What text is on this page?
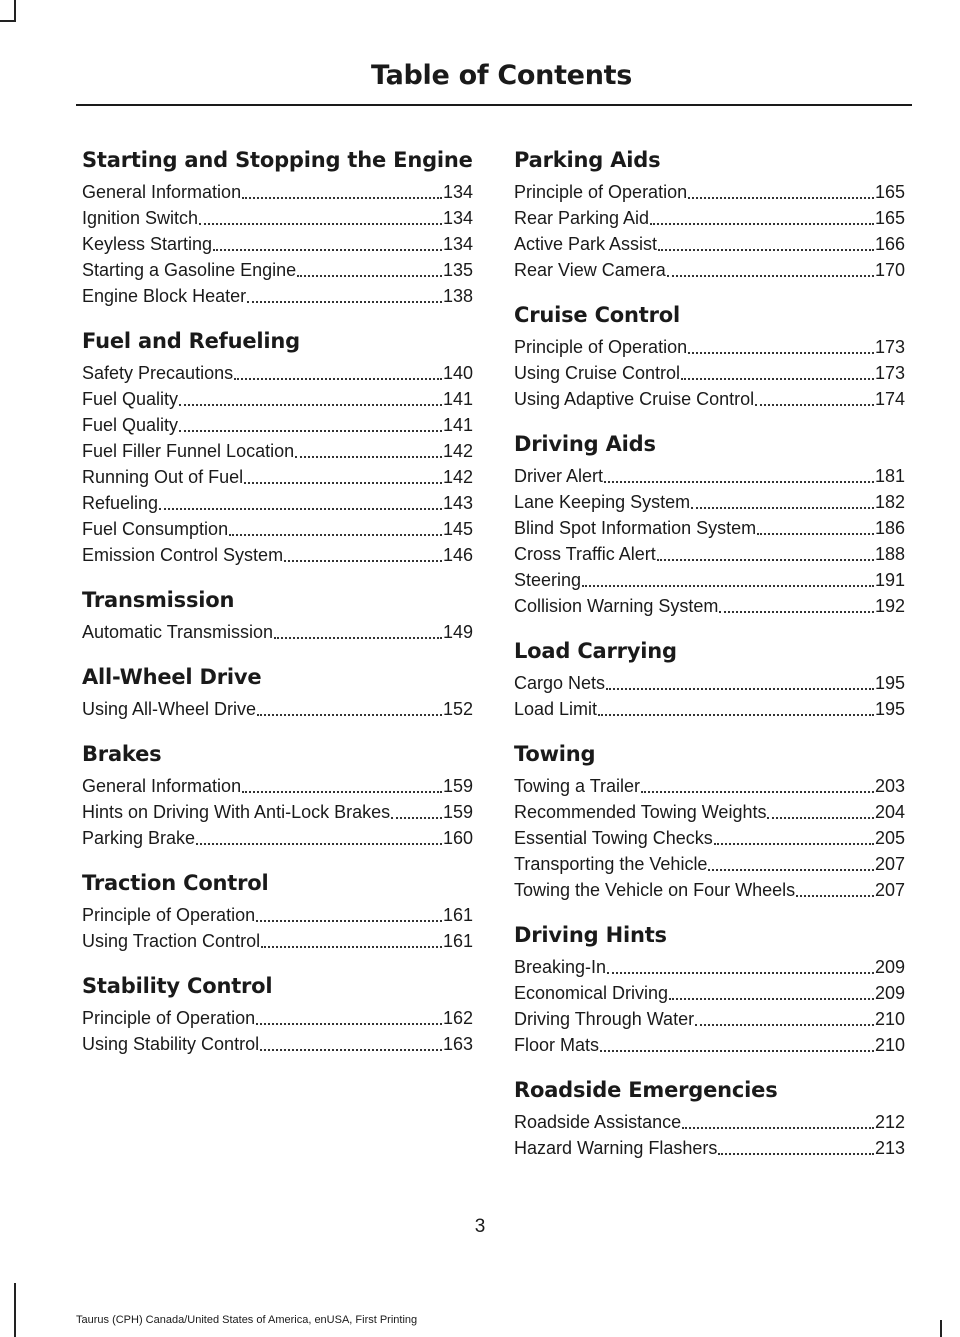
Table of Contents
Starting and Stopping the Engine
General Information	134
Ignition Switch	134
Keyless Starting	134
Starting a Gasoline Engine	135
Engine Block Heater	138
Fuel and Refueling
Safety Precautions	140
Fuel Quality	141
Fuel Quality	141
Fuel Filler Funnel Location	142
Running Out of Fuel	142
Refueling	143
Fuel Consumption	145
Emission Control System	146
Transmission
Automatic Transmission	149
All-Wheel Drive
Using All-Wheel Drive	152
Brakes
General Information	159
Hints on Driving With Anti-Lock Brakes	159
Parking Brake	160
Traction Control
Principle of Operation	161
Using Traction Control	161
Stability Control
Principle of Operation	162
Using Stability Control	163
Parking Aids
Principle of Operation	165
Rear Parking Aid	165
Active Park Assist	166
Rear View Camera	170
Cruise Control
Principle of Operation	173
Using Cruise Control	173
Using Adaptive Cruise Control	174
Driving Aids
Driver Alert	181
Lane Keeping System	182
Blind Spot Information System	186
Cross Traffic Alert	188
Steering	191
Collision Warning System	192
Load Carrying
Cargo Nets	195
Load Limit	195
Towing
Towing a Trailer	203
Recommended Towing Weights	204
Essential Towing Checks	205
Transporting the Vehicle	207
Towing the Vehicle on Four Wheels	207
Driving Hints
Breaking-In	209
Economical Driving	209
Driving Through Water	210
Floor Mats	210
Roadside Emergencies
Roadside Assistance	212
Hazard Warning Flashers	213

3

Taurus (CPH) Canada/United States of America, enUSA, First Printing
